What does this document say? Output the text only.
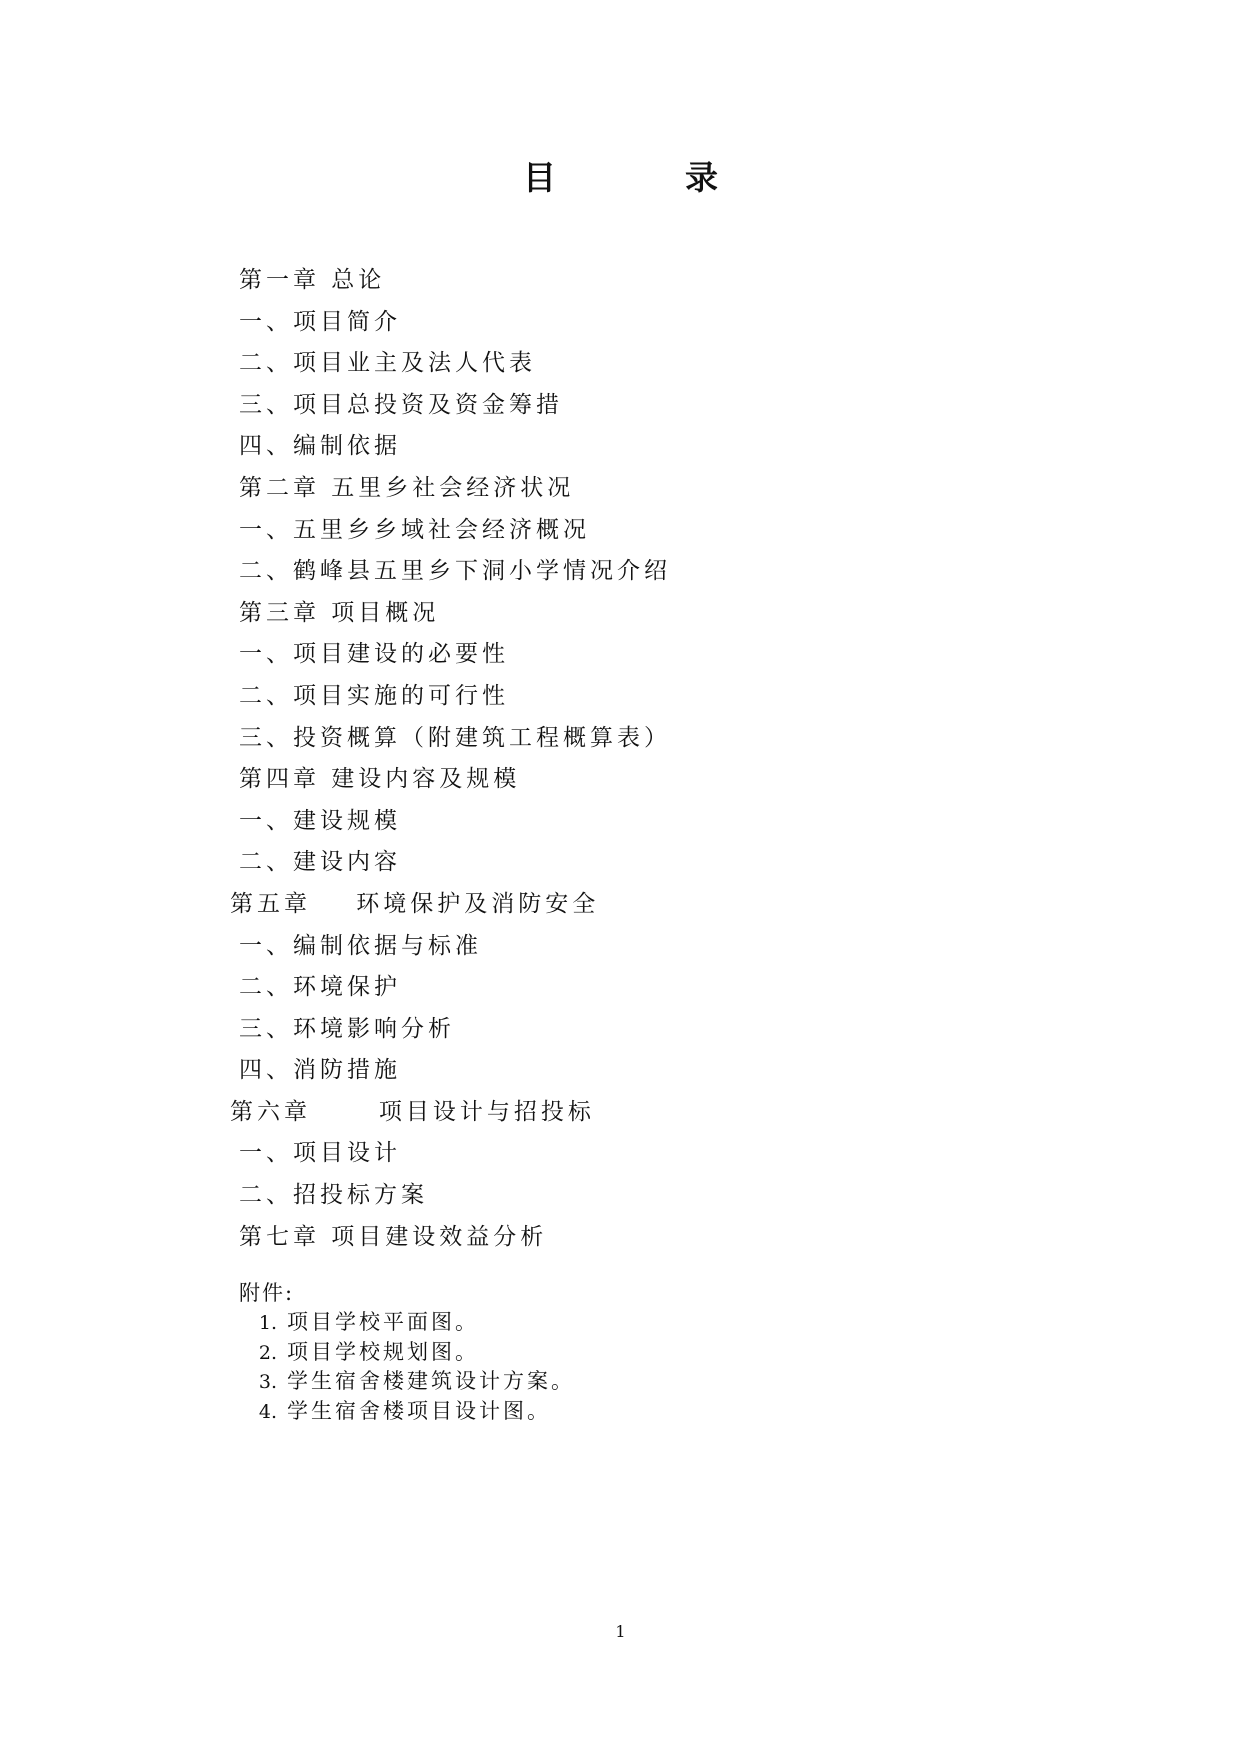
目　录
第一章 总论
一、项目简介
二、项目业主及法人代表
三、项目总投资及资金筹措
四、编制依据
第二章 五里乡社会经济状况
一、五里乡乡域社会经济概况
二、鹤峰县五里乡下洞小学情况介绍
第三章 项目概况
一、项目建设的必要性
二、项目实施的可行性
三、投资概算（附建筑工程概算表）
第四章 建设内容及规模
一、建设规模
二、建设内容
第五章    环境保护及消防安全
一、编制依据与标准
二、环境保护
三、环境影响分析
四、消防措施
第六章      项目设计与招投标
一、项目设计
二、招投标方案
第七章 项目建设效益分析
附件:
1. 项目学校平面图。
2. 项目学校规划图。
3. 学生宿舍楼建筑设计方案。
4. 学生宿舍楼项目设计图。
1
